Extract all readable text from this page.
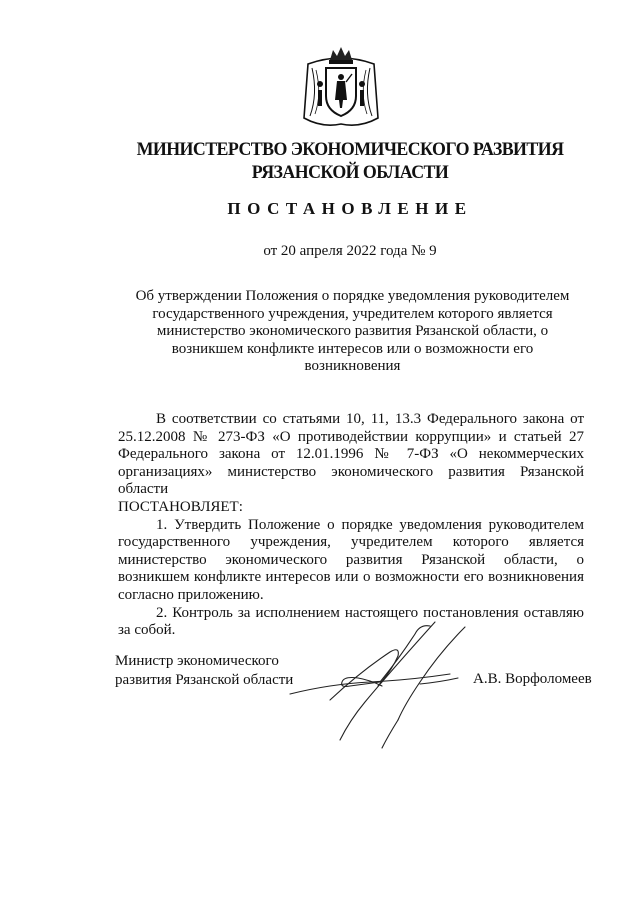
МИНИСТЕРСТВО ЭКОНОМИЧЕСКОГО РАЗВИТИЯ
РЯЗАНСКОЙ ОБЛАСТИ
ПОСТАНОВЛЕНИЕ
от 20 апреля 2022 года № 9
Об утверждении Положения о порядке уведомления руководителем государственного учреждения, учредителем которого является министерство экономического развития Рязанской области, о возникшем конфликте интересов или о возможности его возникновения

В соответствии со статьями 10, 11, 13.3 Федерального закона от 25.12.2008 № 273-ФЗ «О противодействии коррупции» и статьей 27 Федерального закона от 12.01.1996 № 7-ФЗ «О некоммерческих организациях» министерство экономического развития Рязанской области

ПОСТАНОВЛЯЕТ:

1. Утвердить Положение о порядке уведомления руководителем государственного учреждения, учредителем которого является министерство экономического развития Рязанской области, о возникшем конфликте интересов или о возможности его возникновения согласно приложению.

2. Контроль за исполнением настоящего постановления оставляю за собой.

Министр экономического
развития Рязанской области	А.В. Ворфоломеев
